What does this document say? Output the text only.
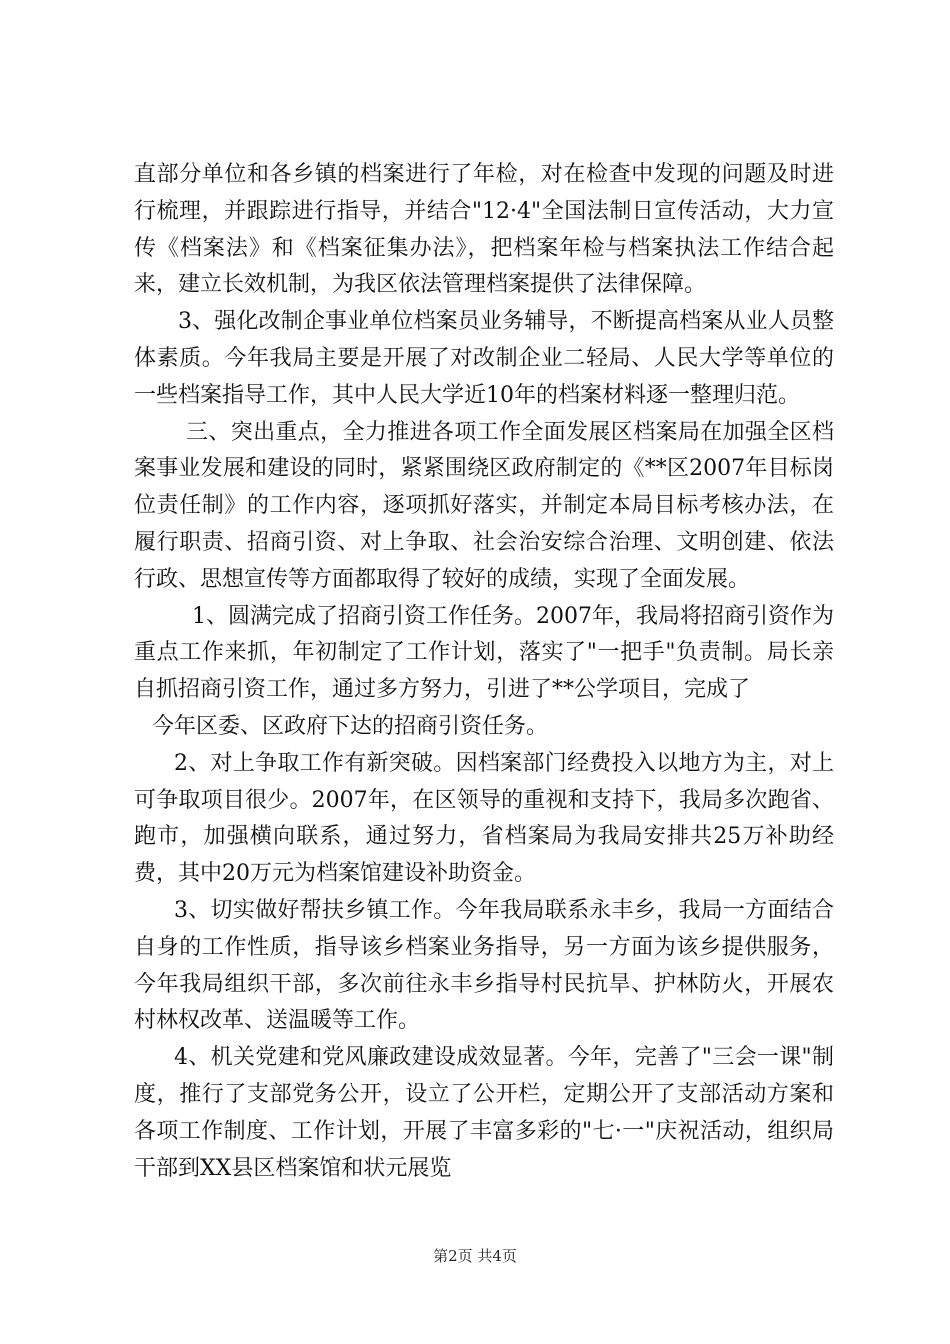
直部分单位和各乡镇的档案进行了年检，对在检查中发现的问题及时进行梳理，并跟踪进行指导，并结合"12·4"全国法制日宣传活动，大力宣传《档案法》和《档案征集办法》，把档案年检与档案执法工作结合起来，建立长效机制，为我区依法管理档案提供了法律保障。

3、强化改制企事业单位档案员业务辅导，不断提高档案从业人员整体素质。今年我局主要是开展了对改制企业二轻局、人民大学等单位的一些档案指导工作，其中人民大学近10年的档案材料逐一整理归范。

三、突出重点，全力推进各项工作全面发展区档案局在加强全区档案事业发展和建设的同时，紧紧围绕区政府制定的《**区2007年目标岗位责任制》的工作内容，逐项抓好落实，并制定本局目标考核办法，在履行职责、招商引资、对上争取、社会治安综合治理、文明创建、依法行政、思想宣传等方面都取得了较好的成绩，实现了全面发展。

1、圆满完成了招商引资工作任务。2007年，我局将招商引资作为重点工作来抓，年初制定了工作计划，落实了"一把手"负责制。局长亲自抓招商引资工作，通过多方努力，引进了**公学项目，完成了

今年区委、区政府下达的招商引资任务。

2、对上争取工作有新突破。因档案部门经费投入以地方为主，对上可争取项目很少。2007年，在区领导的重视和支持下，我局多次跑省、跑市，加强横向联系，通过努力，省档案局为我局安排共25万补助经费，其中20万元为档案馆建设补助资金。

3、切实做好帮扶乡镇工作。今年我局联系永丰乡，我局一方面结合自身的工作性质，指导该乡档案业务指导，另一方面为该乡提供服务，今年我局组织干部，多次前往永丰乡指导村民抗旱、护林防火，开展农村林权改革、送温暖等工作。

4、机关党建和党风廉政建设成效显著。今年，完善了"三会一课"制度，推行了支部党务公开，设立了公开栏，定期公开了支部活动方案和各项工作制度、工作计划，开展了丰富多彩的"七·一"庆祝活动，组织局干部到XX县区档案馆和状元展览

第2页 共4页
